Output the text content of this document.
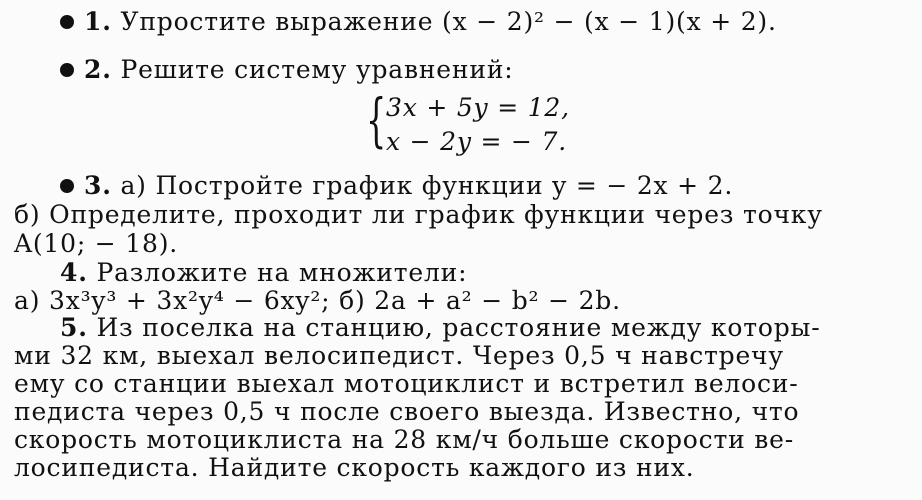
1. Упростите выражение (x − 2)² − (x − 1)(x + 2).
2. Решите систему уравнений:
{ 3x + 5y = 12,
x − 2y = − 7.
3. а) Постройте график функции y = − 2x + 2.
б) Определите, проходит ли график функции через точку
A(10; − 18).
4. Разложите на множители:
а) 3x³y³ + 3x²y⁴ − 6xy²; б) 2a + a² − b² − 2b.
5. Из поселка на станцию, расстояние между которы-
ми 32 км, выехал велосипедист. Через 0,5 ч навстречу
ему со станции выехал мотоциклист и встретил велоси-
педиста через 0,5 ч после своего выезда. Известно, что
скорость мотоциклиста на 28 км/ч больше скорости ве-
лосипедиста. Найдите скорость каждого из них.
